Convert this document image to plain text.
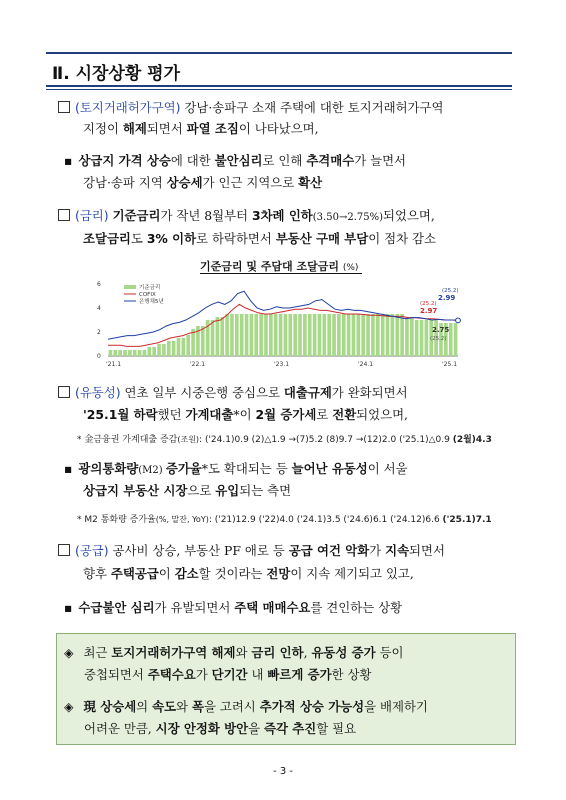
Ⅱ. 시장상황 평가
(토지거래허가구역) 강남·송파구 소재 주택에 대한 토지거래허가구역
지정이 해제되면서 파열 조짐이 나타났으며,
▪ 상급지 가격 상승에 대한 불안심리로 인해 추격매수가 늘면서
강남·송파 지역 상승세가 인근 지역으로 확산
(금리) 기준금리가 작년 8월부터 3차례 인하(3.50→2.75%)되었으며,
조달금리도 3% 이하로 하락하면서 부동산 구매 부담이 점차 감소
기준금리 및 주담대 조달금리 (%)
0
2
4
6
'21.1	'22.1	'23.1	'24.1	'25.1
기준금리
COFIX
은행채5년
(25.2)
2.99
(25.2)
2.97
2.75
(25.2)
(유동성) 연초 일부 시중은행 중심으로 대출규제가 완화되면서
'25.1월 하락했던 가계대출*이 2월 증가세로 전환되었으며,
* 金금융권 가계대출 증감(조원): ('24.1)0.9 (2)△1.9 →(7)5.2 (8)9.7 →(12)2.0 ('25.1)△0.9 (2월)4.3
▪ 광의통화량(M2) 증가율*도 확대되는 등 늘어난 유동성이 서울
상급지 부동산 시장으로 유입되는 측면
* M2 통화량 증가율(%, 말잔, YoY): ('21)12.9 ('22)4.0 ('24.1)3.5 ('24.6)6.1 ('24.12)6.6 ('25.1)7.1
(공급) 공사비 상승, 부동산 PF 애로 등 공급 여건 악화가 지속되면서
향후 주택공급이 감소할 것이라는 전망이 지속 제기되고 있고,
▪ 수급불안 심리가 유발되면서 주택 매매수요를 견인하는 상황
◈ 최근 토지거래허가구역 해제와 금리 인하, 유동성 증가 등이
중첩되면서 주택수요가 단기간 내 빠르게 증가한 상황
◈ 現 상승세의 속도와 폭을 고려시 추가적 상승 가능성을 배제하기
어려운 만큼, 시장 안정화 방안을 즉각 추진할 필요
- 3 -
